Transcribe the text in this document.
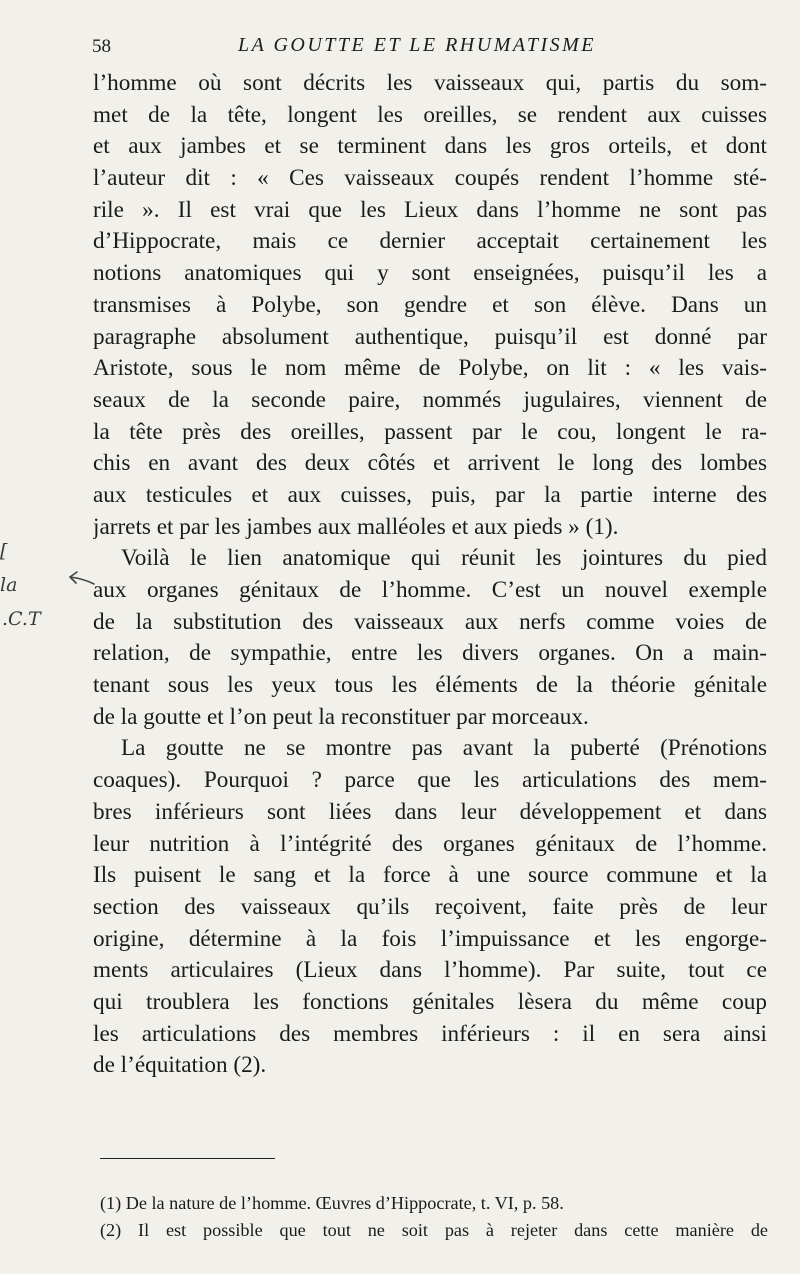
58	LA GOUTTE ET LE RHUMATISME
[
la
.C.T
l’homme où sont décrits les vaisseaux qui, partis du som-
met de la tête, longent les oreilles, se rendent aux cuisses
et aux jambes et se terminent dans les gros orteils, et dont
l’auteur dit : « Ces vaisseaux coupés rendent l’homme sté-
rile ». Il est vrai que les Lieux dans l’homme ne sont pas
d’Hippocrate, mais ce dernier acceptait certainement les
notions anatomiques qui y sont enseignées, puisqu’il les a
transmises à Polybe, son gendre et son élève. Dans un
paragraphe absolument authentique, puisqu’il est donné par
Aristote, sous le nom même de Polybe, on lit : « les vais-
seaux de la seconde paire, nommés jugulaires, viennent de
la tête près des oreilles, passent par le cou, longent le ra-
chis en avant des deux côtés et arrivent le long des lombes
aux testicules et aux cuisses, puis, par la partie interne des
jarrets et par les jambes aux malléoles et aux pieds » (1).
Voilà le lien anatomique qui réunit les jointures du pied
aux organes génitaux de l’homme. C’est un nouvel exemple
de la substitution des vaisseaux aux nerfs comme voies de
relation, de sympathie, entre les divers organes. On a main-
tenant sous les yeux tous les éléments de la théorie génitale
de la goutte et l’on peut la reconstituer par morceaux.
La goutte ne se montre pas avant la puberté (Prénotions
coaques). Pourquoi ? parce que les articulations des mem-
bres inférieurs sont liées dans leur développement et dans
leur nutrition à l’intégrité des organes génitaux de l’homme.
Ils puisent le sang et la force à une source commune et la
section des vaisseaux qu’ils reçoivent, faite près de leur
origine, détermine à la fois l’impuissance et les engorge-
ments articulaires (Lieux dans l’homme). Par suite, tout ce
qui troublera les fonctions génitales lèsera du même coup
les articulations des membres inférieurs : il en sera ainsi
de l’équitation (2).
(1) De la nature de l’homme. Œuvres d’Hippocrate, t. VI, p. 58.
(2) Il est possible que tout ne soit pas à rejeter dans cette manière de
